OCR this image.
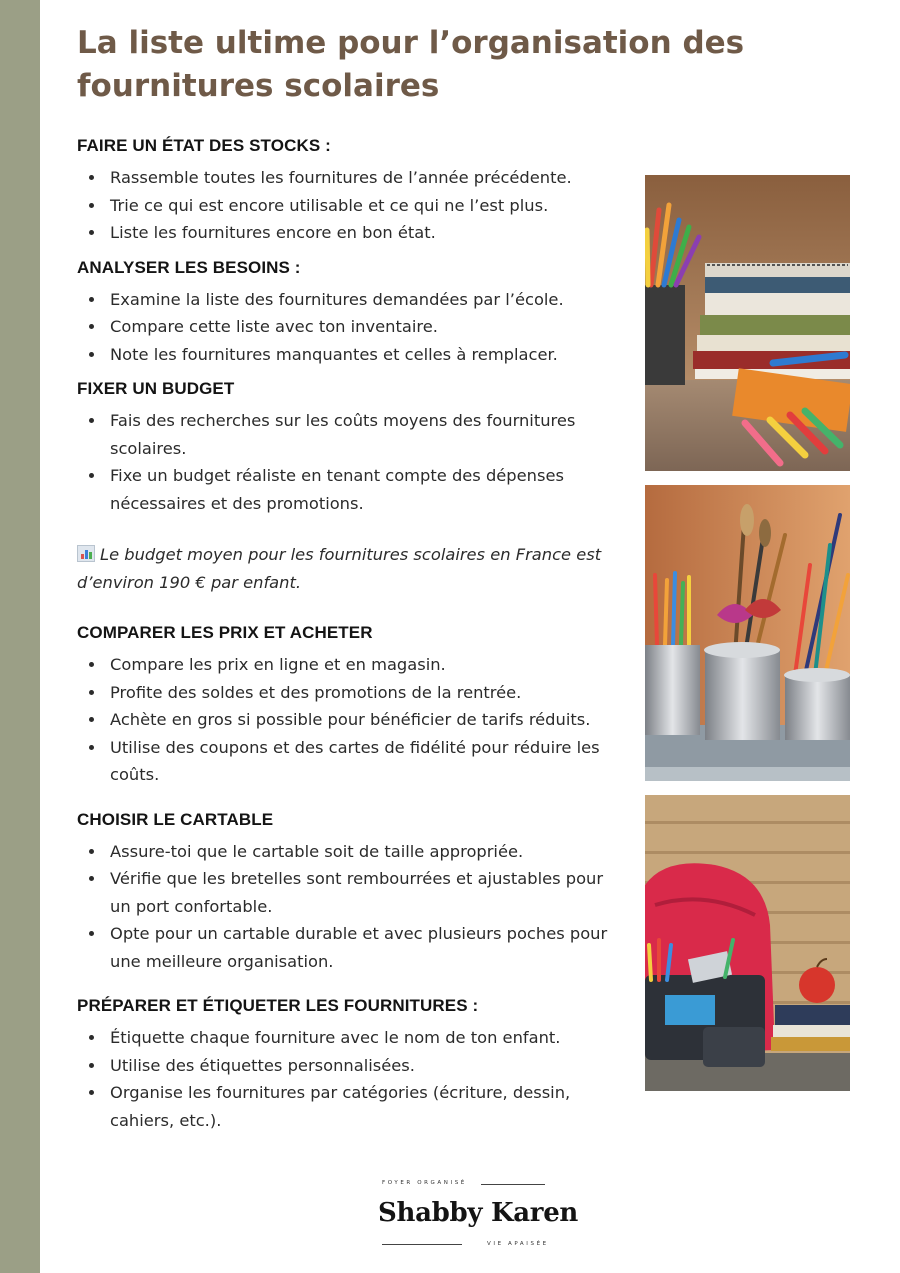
La liste ultime pour l’organisation des fournitures scolaires
FAIRE UN ÉTAT DES STOCKS :
Rassemble toutes les fournitures de l’année précédente.
Trie ce qui est encore utilisable et ce qui ne l’est plus.
Liste les fournitures encore en bon état.
ANALYSER LES BESOINS :
Examine la liste des fournitures demandées par l’école.
Compare cette liste avec ton inventaire.
Note les fournitures manquantes et celles à remplacer.
FIXER UN BUDGET
Fais des recherches sur les coûts moyens des fournitures scolaires.
Fixe un budget réaliste en tenant compte des dépenses nécessaires et des promotions.

Le budget moyen pour les fournitures scolaires en France est d’environ 190 € par enfant.

COMPARER LES PRIX ET ACHETER
Compare les prix en ligne et en magasin.
Profite des soldes et des promotions de la rentrée.
Achète en gros si possible pour bénéficier de tarifs réduits.
Utilise des coupons et des cartes de fidélité pour réduire les coûts.
CHOISIR LE CARTABLE
Assure-toi que le cartable soit de taille appropriée.
Vérifie que les bretelles sont rembourrées et ajustables pour un port confortable.
Opte pour un cartable durable et avec plusieurs poches pour une meilleure organisation.
PRÉPARER ET ÉTIQUETER LES FOURNITURES :
Étiquette chaque fourniture avec le nom de ton enfant.
Utilise des étiquettes personnalisées.
Organise les fournitures par catégories (écriture, dessin, cahiers, etc.).
FOYER ORGANISÉ
Shabby Karen
VIE APAISÉE
